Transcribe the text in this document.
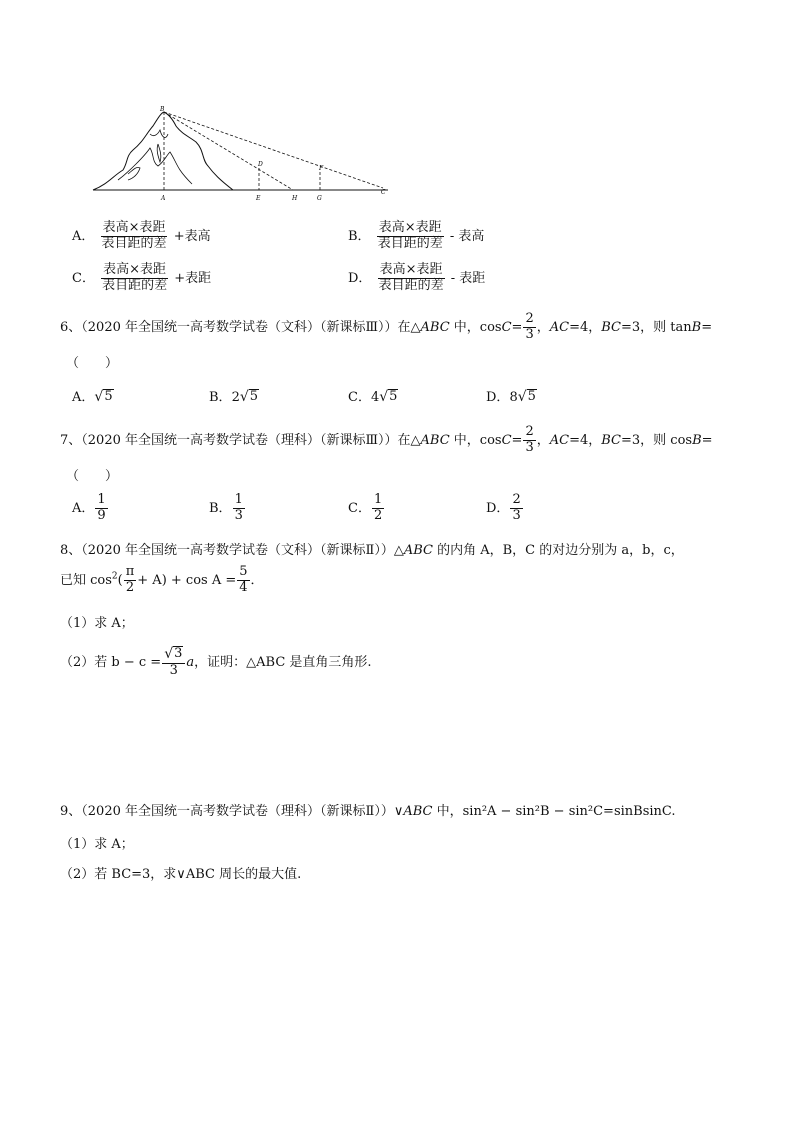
B
D
F
A	E	H	G
C
A． $\frac{\text{表高×表距}}{\text{表目距的差}}$ +表高	B． $\frac{\text{表高×表距}}{\text{表目距的差}}$ - 表高
C． $\frac{\text{表高×表距}}{\text{表目距的差}}$ +表距	D． $\frac{\text{表高×表距}}{\text{表目距的差}}$ - 表距
6、（2020 年全国统一高考数学试卷（文科）（新课标Ⅲ））在△ABC 中，$\cos C= \frac{2}{3}$ ，AC=4，BC=3，则 tanB=
（　　）
A． √ 5	B．2 √ 5	C．4 √ 5	D．8 √ 5
7、（2020 年全国统一高考数学试卷（理科）（新课标Ⅲ））在△ABC 中，$\cos C= \frac{2}{3}$ ，AC=4，BC=3，则 cosB=
（　　）
A． $\frac{1}{9}$	B． $\frac{1}{3}$	C． $\frac{1}{2}$	D． $\frac{2}{3}$
8、（2020 年全国统一高考数学试卷（文科）（新课标Ⅱ））△ABC 的内角 A，B，C 的对边分别为 a，b，c，
已知 $\cos^2( \frac{\pi}{2} + A) + \cos A = \frac{5}{4}$ ．
（1）求 A；
（2）若 $b - c = \frac{√ 3}{3}$ a，证明：△ABC 是直角三角形.
9、（2020 年全国统一高考数学试卷（理科）（新课标Ⅱ））∨ABC 中，sin²A − sin²B − sin²C=sinBsinC.
（1）求 A；
（2）若 BC=3，求∨ABC 周长的最大值.
